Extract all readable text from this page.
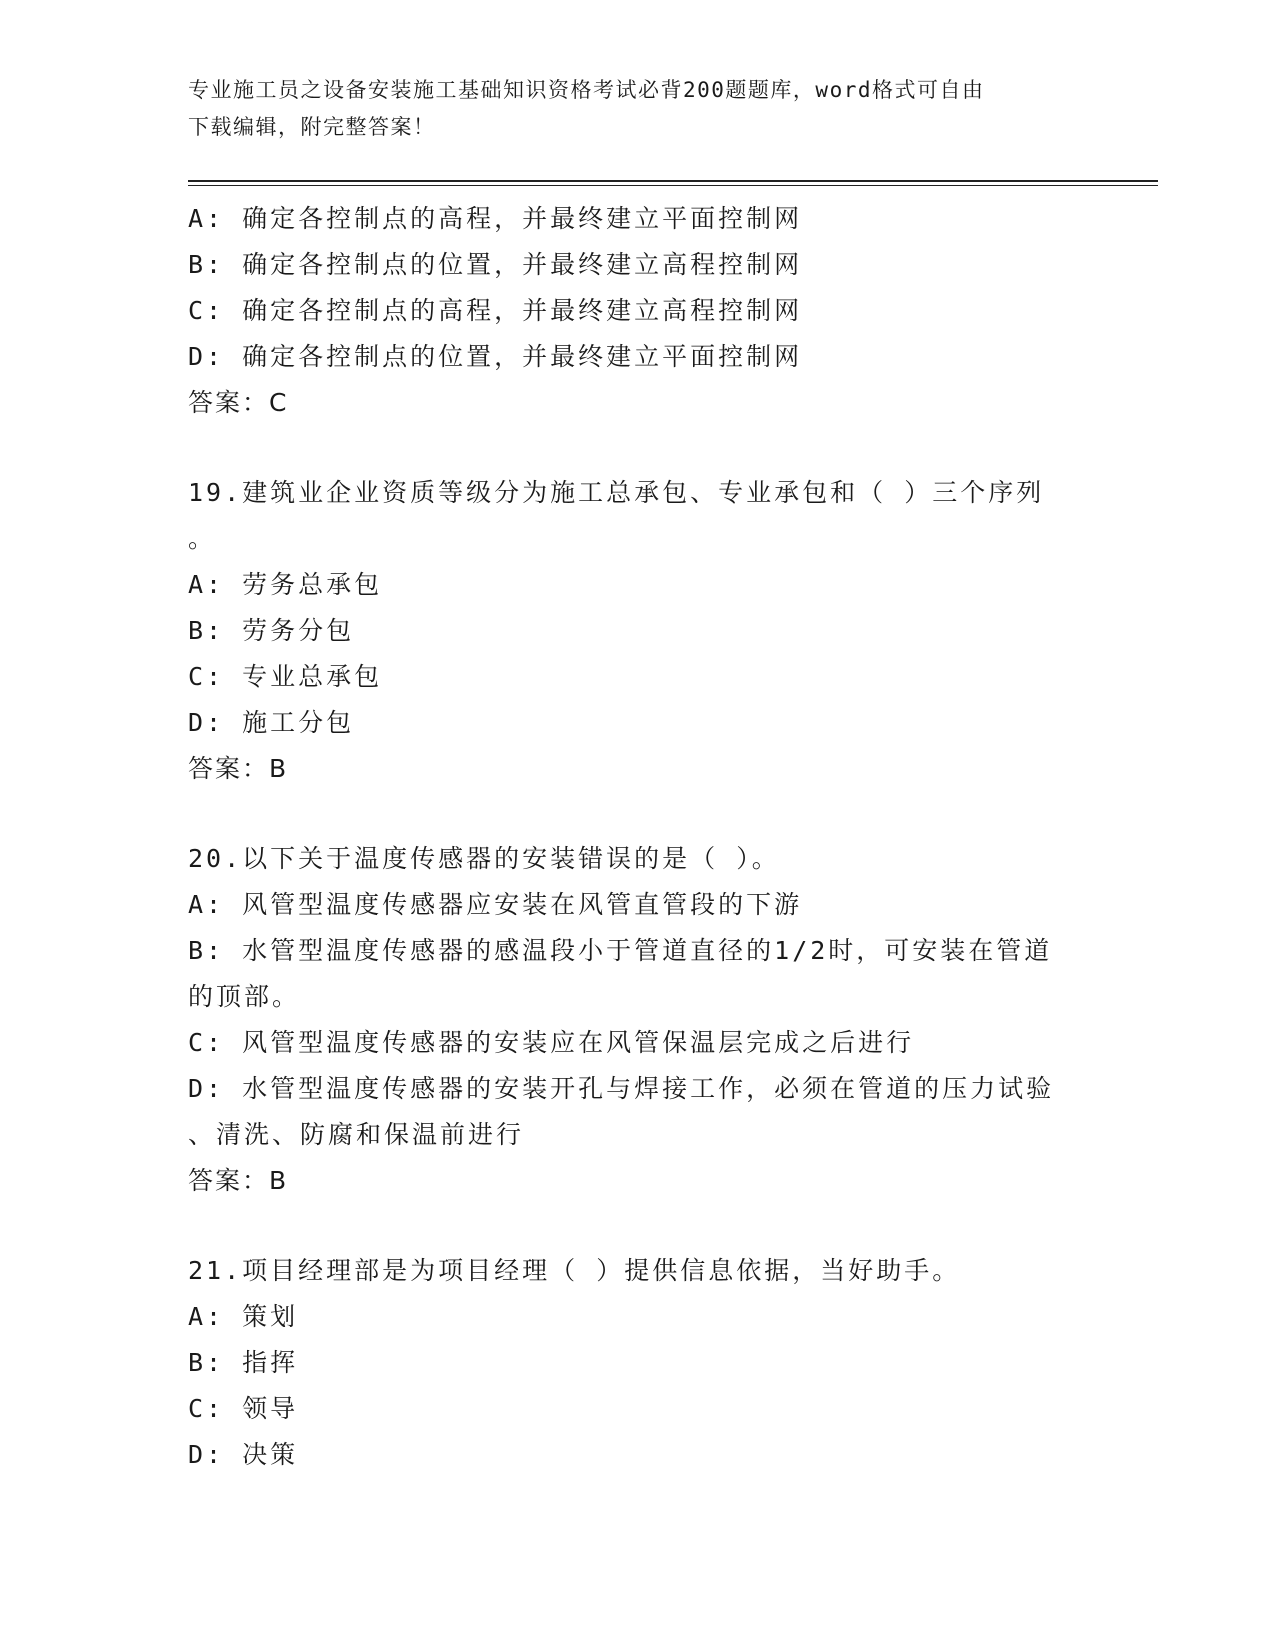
专业施工员之设备安装施工基础知识资格考试必背200题题库，word格式可自由
下载编辑，附完整答案！
A: 确定各控制点的高程，并最终建立平面控制网
B: 确定各控制点的位置，并最终建立高程控制网
C: 确定各控制点的高程，并最终建立高程控制网
D: 确定各控制点的位置，并最终建立平面控制网
答案：C
19.建筑业企业资质等级分为施工总承包、专业承包和（ ）三个序列
。
A: 劳务总承包
B: 劳务分包
C: 专业总承包
D: 施工分包
答案：B
20.以下关于温度传感器的安装错误的是（ ）。
A: 风管型温度传感器应安装在风管直管段的下游
B: 水管型温度传感器的感温段小于管道直径的1/2时，可安装在管道
的顶部。
C: 风管型温度传感器的安装应在风管保温层完成之后进行
D: 水管型温度传感器的安装开孔与焊接工作，必须在管道的压力试验
、清洗、防腐和保温前进行
答案：B
21.项目经理部是为项目经理（ ）提供信息依据，当好助手。
A: 策划
B: 指挥
C: 领导
D: 决策
